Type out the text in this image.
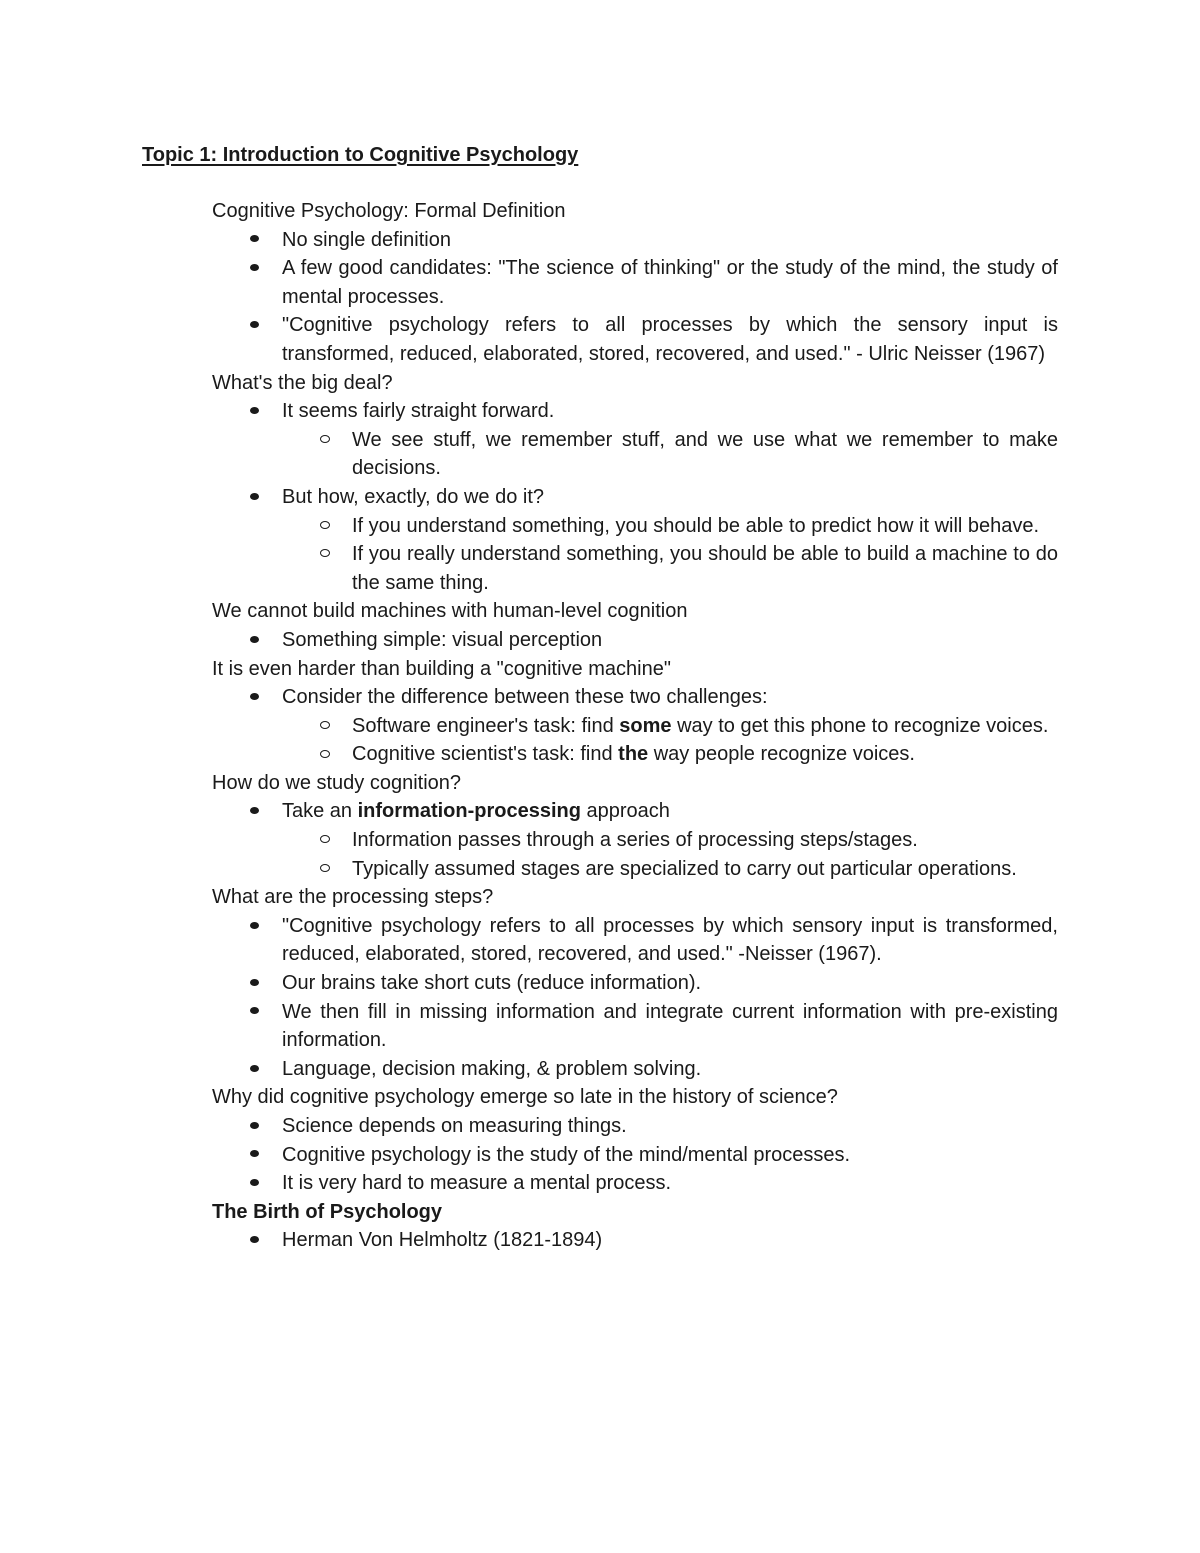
Topic 1: Introduction to Cognitive Psychology

Cognitive Psychology: Formal Definition

No single definition
A few good candidates: "The science of thinking" or the study of the mind, the study of mental processes.
"Cognitive psychology refers to all processes by which the sensory input is transformed, reduced, elaborated, stored, recovered, and used." - Ulric Neisser (1967)

What's the big deal?

It seems fairly straight forward.
We see stuff, we remember stuff, and we use what we remember to make decisions.
But how, exactly, do we do it?
If you understand something, you should be able to predict how it will behave.
If you really understand something, you should be able to build a machine to do the same thing.

We cannot build machines with human-level cognition

Something simple: visual perception

It is even harder than building a "cognitive machine"

Consider the difference between these two challenges:
Software engineer's task: find some way to get this phone to recognize voices.
Cognitive scientist's task: find the way people recognize voices.

How do we study cognition?

Take an information-processing approach
Information passes through a series of processing steps/stages.
Typically assumed stages are specialized to carry out particular operations.

What are the processing steps?

"Cognitive psychology refers to all processes by which sensory input is transformed, reduced, elaborated, stored, recovered, and used." -Neisser (1967).
Our brains take short cuts (reduce information).
We then fill in missing information and integrate current information with pre-existing information.
Language, decision making, & problem solving.

Why did cognitive psychology emerge so late in the history of science?

Science depends on measuring things.
Cognitive psychology is the study of the mind/mental processes.
It is very hard to measure a mental process.

The Birth of Psychology

Herman Von Helmholtz (1821-1894)
